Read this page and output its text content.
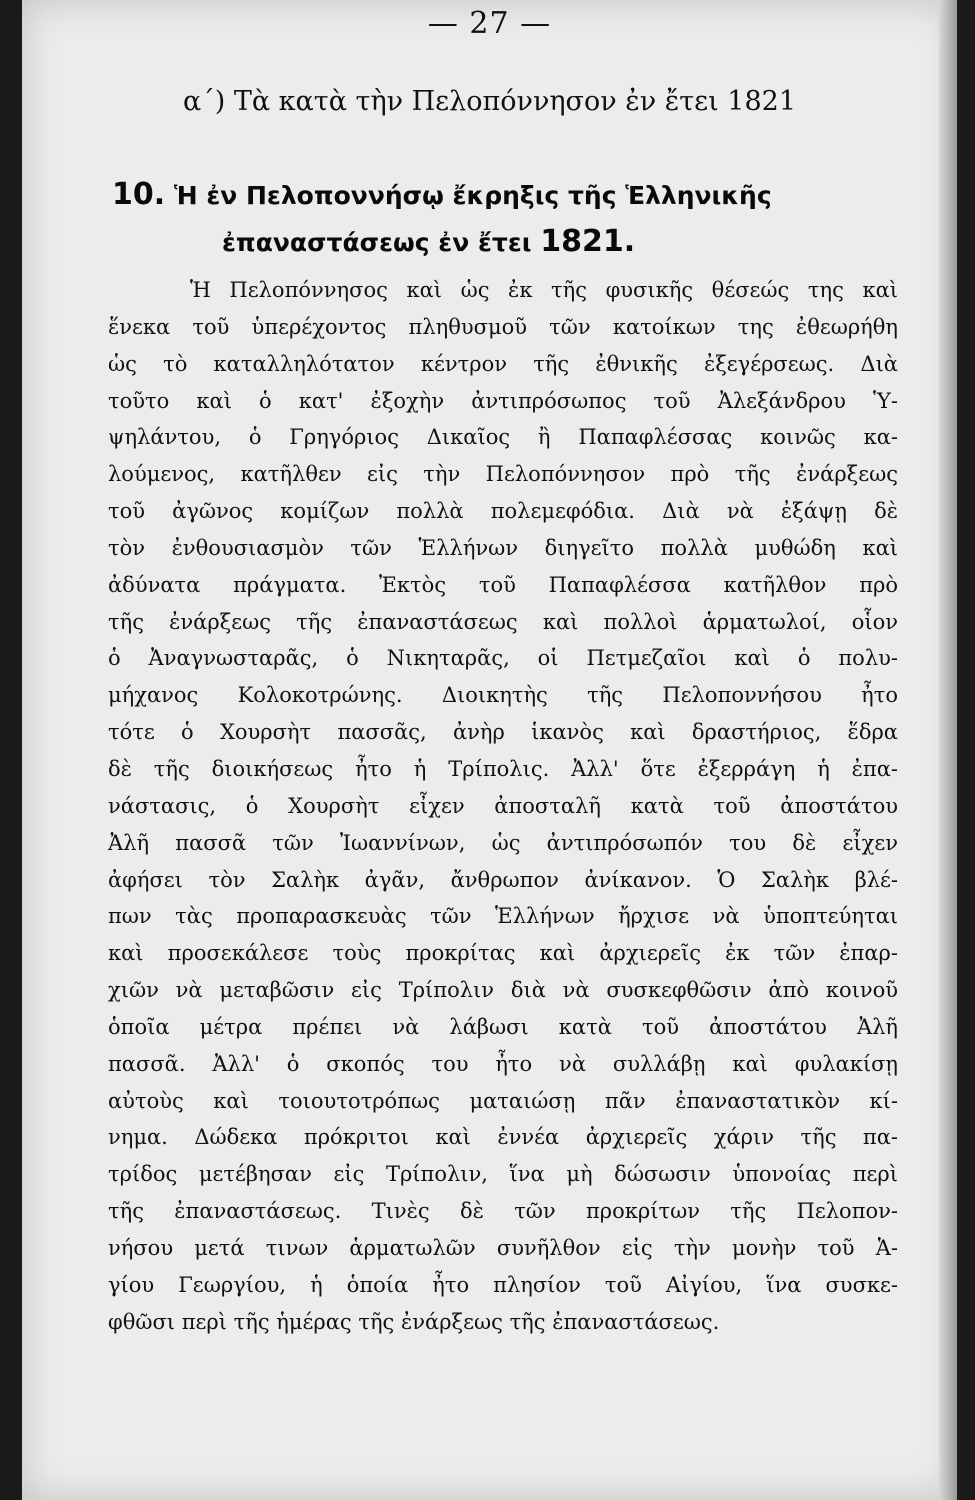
— 27 —
α΄) Τὰ κατὰ τὴν Πελοπόννησον ἐν ἔτει 1821
10. Ἡ ἐν Πελοποννήσῳ ἔκρηξις τῆς Ἑλληνικῆς
ἐπαναστάσεως ἐν ἔτει 1821.
Ἡ Πελοπόννησος καὶ ὡς ἐκ τῆς φυσικῆς θέσεώς της καὶ
ἕνεκα τοῦ ὑπερέχοντος πληθυσμοῦ τῶν κατοίκων της ἐθεωρήθη
ὡς τὸ καταλληλότατον κέντρον τῆς ἐθνικῆς ἐξεγέρσεως. Διὰ
τοῦτο καὶ ὁ κατ' ἐξοχὴν ἀντιπρόσωπος τοῦ Ἀλεξάνδρου Ὑ-
ψηλάντου, ὁ Γρηγόριος Δικαῖος ἢ Παπαφλέσσας κοινῶς κα-
λούμενος, κατῆλθεν εἰς τὴν Πελοπόννησον πρὸ τῆς ἐνάρξεως
τοῦ ἀγῶνος κομίζων πολλὰ πολεμεφόδια. Διὰ νὰ ἐξάψῃ δὲ
τὸν ἐνθουσιασμὸν τῶν Ἑλλήνων διηγεῖτο πολλὰ μυθώδη καὶ
ἀδύνατα πράγματα. Ἐκτὸς τοῦ Παπαφλέσσα κατῆλθον πρὸ
τῆς ἐνάρξεως τῆς ἐπαναστάσεως καὶ πολλοὶ ἁρματωλοί, οἷον
ὁ Ἀναγνωσταρᾶς, ὁ Νικηταρᾶς, οἱ Πετμεζαῖοι καὶ ὁ πολυ-
μήχανος Κολοκοτρώνης. Διοικητὴς τῆς Πελοποννήσου ἦτο
τότε ὁ Χουρσὴτ πασσᾶς, ἀνὴρ ἱκανὸς καὶ δραστήριος, ἕδρα
δὲ τῆς διοικήσεως ἦτο ἡ Τρίπολις. Ἀλλ' ὅτε ἐξερράγη ἡ ἐπα-
νάστασις, ὁ Χουρσὴτ εἶχεν ἀποσταλῆ κατὰ τοῦ ἀποστάτου
Ἀλῆ πασσᾶ τῶν Ἰωαννίνων, ὡς ἀντιπρόσωπόν του δὲ εἶχεν
ἀφήσει τὸν Σαλὴκ ἀγᾶν, ἄνθρωπον ἀνίκανον. Ὁ Σαλὴκ βλέ-
πων τὰς προπαρασκευὰς τῶν Ἑλλήνων ἤρχισε νὰ ὑποπτεύηται
καὶ προσεκάλεσε τοὺς προκρίτας καὶ ἀρχιερεῖς ἐκ τῶν ἐπαρ-
χιῶν νὰ μεταβῶσιν εἰς Τρίπολιν διὰ νὰ συσκεφθῶσιν ἀπὸ κοινοῦ
ὁποῖα μέτρα πρέπει νὰ λάβωσι κατὰ τοῦ ἀποστάτου Ἀλῆ
πασσᾶ. Ἀλλ' ὁ σκοπός του ἦτο νὰ συλλάβῃ καὶ φυλακίσῃ
αὐτοὺς καὶ τοιουτοτρόπως ματαιώσῃ πᾶν ἐπαναστατικὸν κί-
νημα. Δώδεκα πρόκριτοι καὶ ἐννέα ἀρχιερεῖς χάριν τῆς πα-
τρίδος μετέβησαν εἰς Τρίπολιν, ἵνα μὴ δώσωσιν ὑπονοίας περὶ
τῆς ἐπαναστάσεως. Τινὲς δὲ τῶν προκρίτων τῆς Πελοπον-
νήσου μετά τινων ἁρματωλῶν συνῆλθον εἰς τὴν μονὴν τοῦ Ἁ-
γίου Γεωργίου, ἡ ὁποία ἦτο πλησίον τοῦ Αἰγίου, ἵνα συσκε-
φθῶσι περὶ τῆς ἡμέρας τῆς ἐνάρξεως τῆς ἐπαναστάσεως.
